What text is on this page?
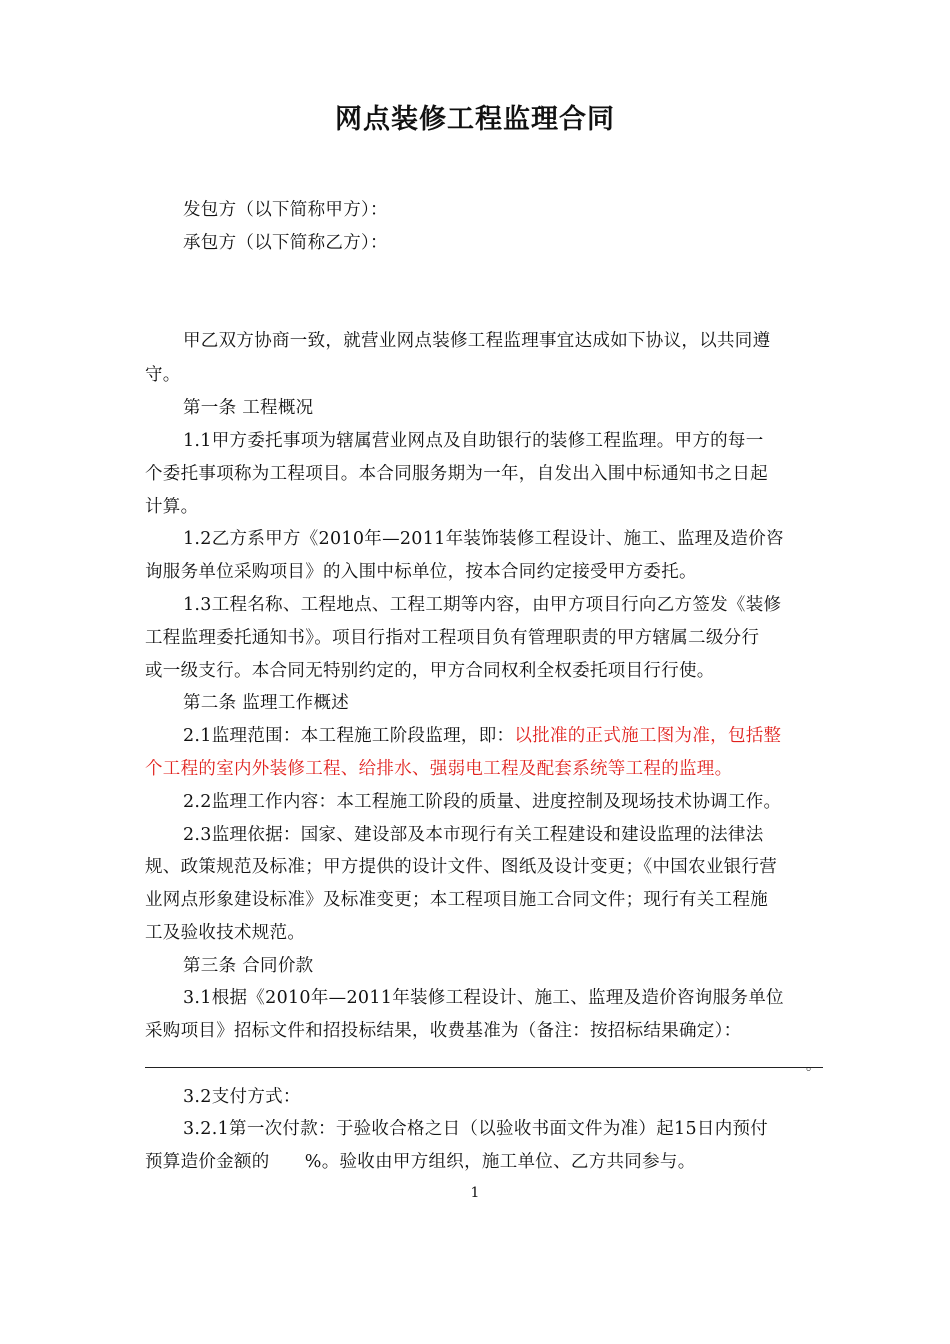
网点装修工程监理合同
发包方（以下简称甲方）：
承包方（以下简称乙方）：
甲乙双方协商一致，就营业网点装修工程监理事宜达成如下协议，以共同遵
守。
第一条 工程概况
1.1甲方委托事项为辖属营业网点及自助银行的装修工程监理。甲方的每一
个委托事项称为工程项目。本合同服务期为一年，自发出入围中标通知书之日起
计算。
1.2乙方系甲方《2010年—2011年装饰装修工程设计、施工、监理及造价咨
询服务单位采购项目》的入围中标单位，按本合同约定接受甲方委托。
1.3工程名称、工程地点、工程工期等内容，由甲方项目行向乙方签发《装修
工程监理委托通知书》。项目行指对工程项目负有管理职责的甲方辖属二级分行
或一级支行。本合同无特别约定的，甲方合同权利全权委托项目行行使。
第二条 监理工作概述
2.1监理范围：本工程施工阶段监理，即：以批准的正式施工图为准，包括整
个工程的室内外装修工程、给排水、强弱电工程及配套系统等工程的监理。
2.2监理工作内容：本工程施工阶段的质量、进度控制及现场技术协调工作。
2.3监理依据：国家、建设部及本市现行有关工程建设和建设监理的法律法
规、政策规范及标准；甲方提供的设计文件、图纸及设计变更；《中国农业银行营
业网点形象建设标准》及标准变更；本工程项目施工合同文件；现行有关工程施
工及验收技术规范。
第三条 合同价款
3.1根据《2010年—2011年装修工程设计、施工、监理及造价咨询服务单位
采购项目》招标文件和招投标结果，收费基准为（备注：按招标结果确定）：
。
3.2支付方式：
3.2.1第一次付款：于验收合格之日（以验收书面文件为准）起15日内预付
预算造价金额的      %。验收由甲方组织，施工单位、乙方共同参与。
1
